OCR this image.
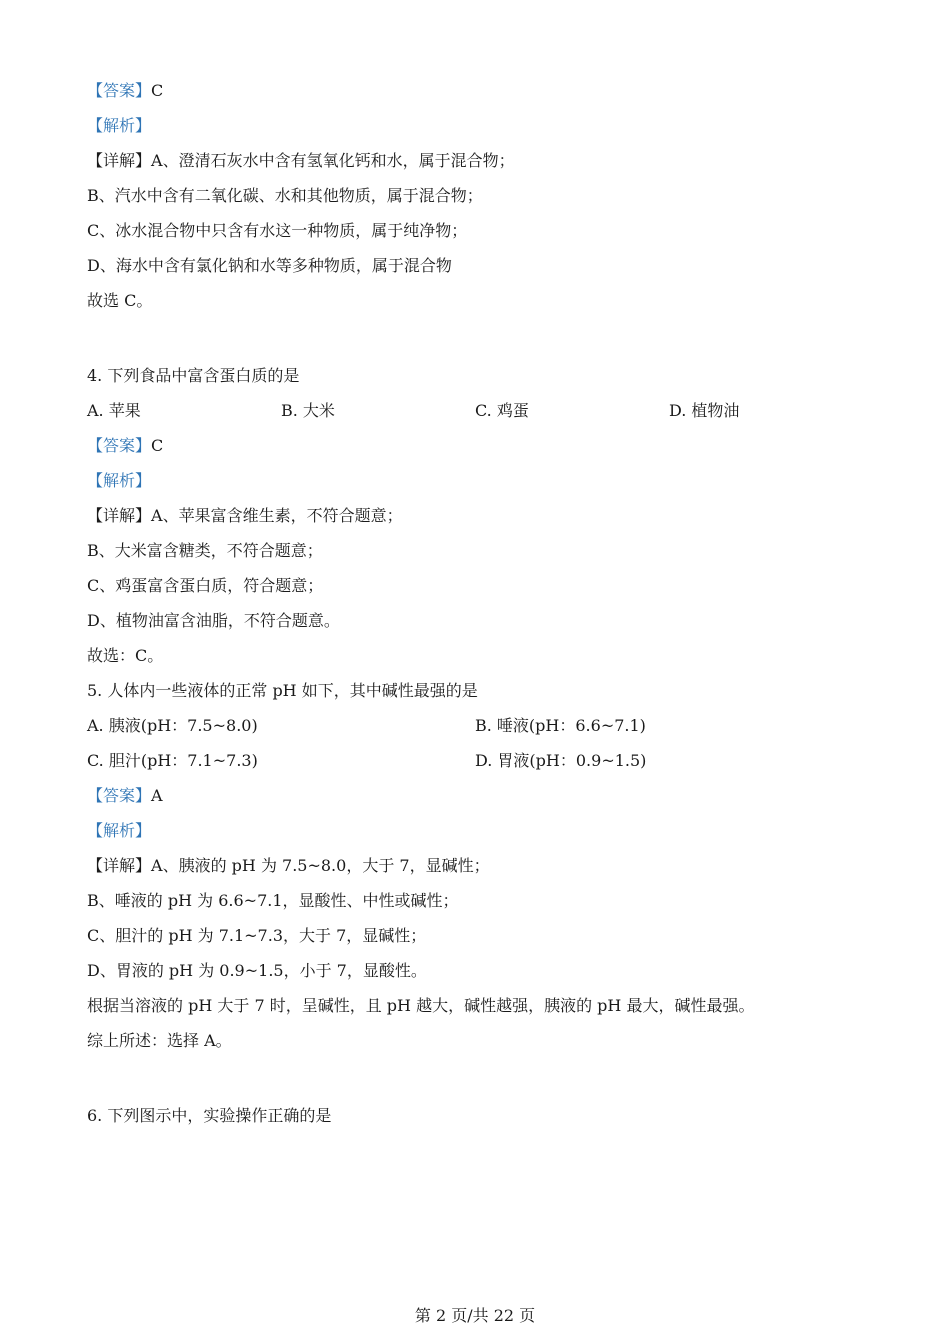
【答案】C
【解析】
【详解】A、澄清石灰水中含有氢氧化钙和水，属于混合物；
B、汽水中含有二氧化碳、水和其他物质，属于混合物；
C、冰水混合物中只含有水这一种物质，属于纯净物；
D、海水中含有氯化钠和水等多种物质，属于混合物
故选 C。
4. 下列食品中富含蛋白质的是
A. 苹果	B. 大米	C. 鸡蛋	D. 植物油
【答案】C
【解析】
【详解】A、苹果富含维生素，不符合题意；
B、大米富含糖类，不符合题意；
C、鸡蛋富含蛋白质，符合题意；
D、植物油富含油脂，不符合题意。
故选：C。
5. 人体内一些液体的正常 pH 如下，其中碱性最强的是
A. 胰液(pH：7.5~8.0)	B. 唾液(pH：6.6~7.1)
C. 胆汁(pH：7.1~7.3)	D. 胃液(pH：0.9~1.5)
【答案】A
【解析】
【详解】A、胰液的 pH 为 7.5~8.0，大于 7，显碱性；
B、唾液的 pH 为 6.6~7.1，显酸性、中性或碱性；
C、胆汁的 pH 为 7.1~7.3，大于 7，显碱性；
D、胃液的 pH 为 0.9~1.5，小于 7，显酸性。
根据当溶液的 pH 大于 7 时，呈碱性，且 pH 越大，碱性越强，胰液的 pH 最大，碱性最强。
综上所述：选择 A。
6. 下列图示中，实验操作正确的是
第 2 页/共 22 页
